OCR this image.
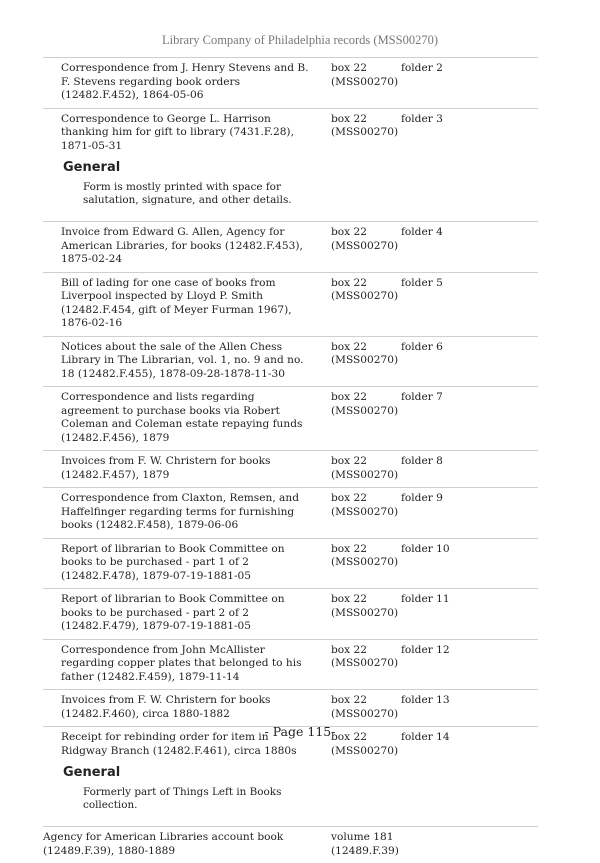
Library Company of Philadelphia records (MSS00270)
Correspondence from J. Henry Stevens and B. F. Stevens regarding book orders (12482.F.452), 1864-05-06
box 22 (MSS00270)
folder 2
Correspondence to George L. Harrison thanking him for gift to library (7431.F.28), 1871-05-31
box 22 (MSS00270)
folder 3
General

Form is mostly printed with space for salutation, signature, and other details.

Invoice from Edward G. Allen, Agency for American Libraries, for books (12482.F.453), 1875-02-24
box 22 (MSS00270)
folder 4
Bill of lading for one case of books from Liverpool inspected by Lloyd P. Smith (12482.F.454, gift of Meyer Furman 1967), 1876-02-16
box 22 (MSS00270)
folder 5
Notices about the sale of the Allen Chess Library in The Librarian, vol. 1, no. 9 and no. 18 (12482.F.455), 1878-09-28-1878-11-30
box 22 (MSS00270)
folder 6
Correspondence and lists regarding agreement to purchase books via Robert Coleman and Coleman estate repaying funds (12482.F.456), 1879
box 22 (MSS00270)
folder 7
Invoices from F. W. Christern for books (12482.F.457), 1879
box 22 (MSS00270)
folder 8
Correspondence from Claxton, Remsen, and Haffelfinger regarding terms for furnishing books (12482.F.458), 1879-06-06
box 22 (MSS00270)
folder 9
Report of librarian to Book Committee on books to be purchased - part 1 of 2 (12482.F.478), 1879-07-19-1881-05
box 22 (MSS00270)
folder 10
Report of librarian to Book Committee on books to be purchased - part 2 of 2 (12482.F.479), 1879-07-19-1881-05
box 22 (MSS00270)
folder 11
Correspondence from John McAllister regarding copper plates that belonged to his father (12482.F.459), 1879-11-14
box 22 (MSS00270)
folder 12
Invoices from F. W. Christern for books (12482.F.460), circa 1880-1882
box 22 (MSS00270)
folder 13
Receipt for rebinding order for item in Ridgway Branch (12482.F.461), circa 1880s
box 22 (MSS00270)
folder 14
General

Formerly part of Things Left in Books collection.

Agency for American Libraries account book (12489.F.39), 1880-1889
volume 181 (12489.F.39)
- Page 115-
